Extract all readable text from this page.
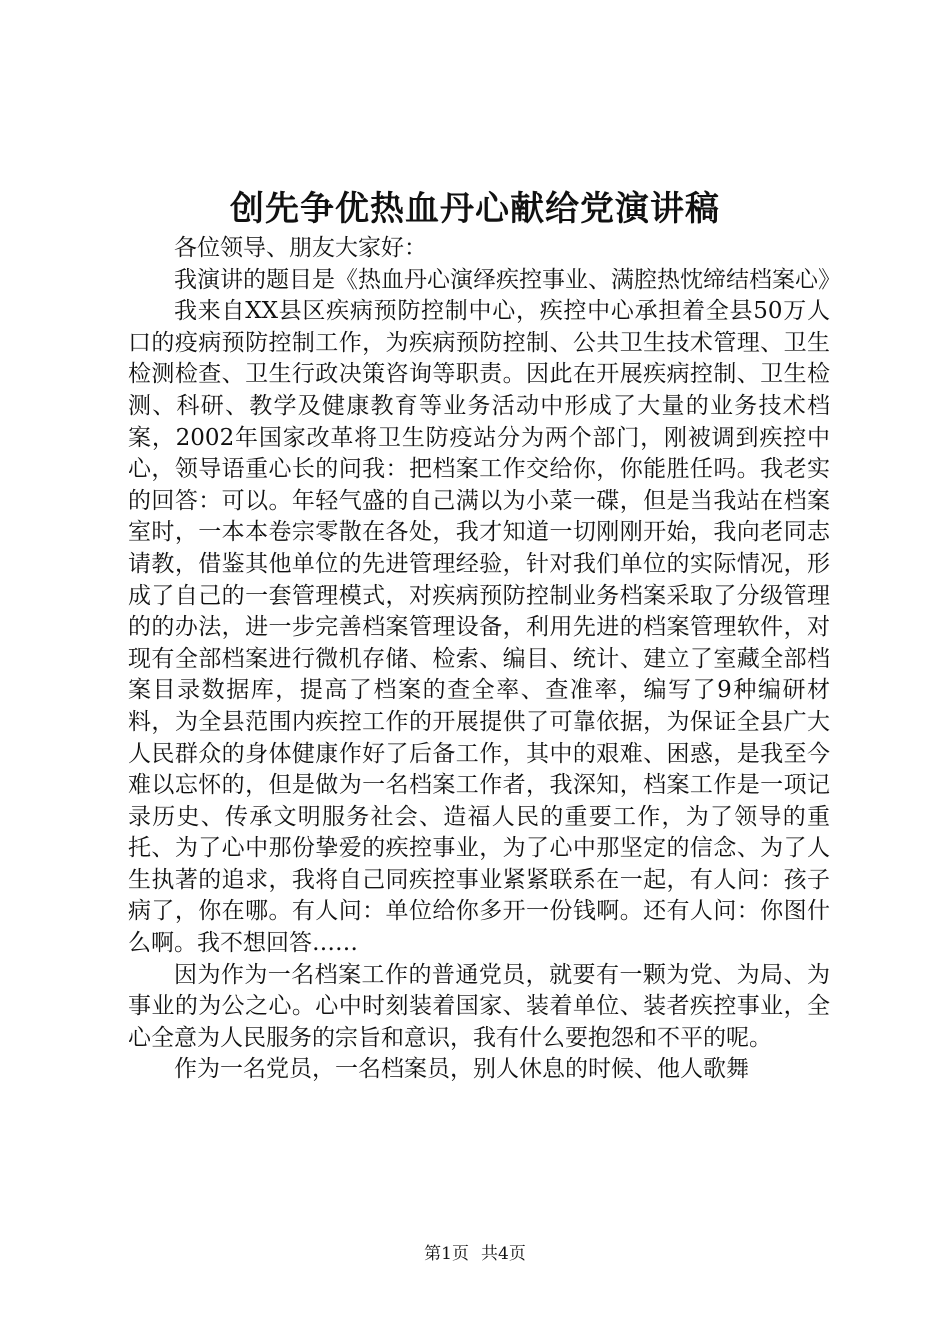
创先争优热血丹心献给党演讲稿

各位领导、朋友大家好：

我演讲的题目是《热血丹心演绎疾控事业、满腔热忱缔结档案心》

我来自XX县区疾病预防控制中心，疾控中心承担着全县50万人口的疫病预防控制工作，为疾病预防控制、公共卫生技术管理、卫生检测检查、卫生行政决策咨询等职责。因此在开展疾病控制、卫生检测、科研、教学及健康教育等业务活动中形成了大量的业务技术档案，2002年国家改革将卫生防疫站分为两个部门，刚被调到疾控中心，领导语重心长的问我：把档案工作交给你，你能胜任吗。我老实的回答：可以。年轻气盛的自己满以为小菜一碟，但是当我站在档案室时，一本本卷宗零散在各处，我才知道一切刚刚开始，我向老同志请教，借鉴其他单位的先进管理经验，针对我们单位的实际情况，形成了自己的一套管理模式，对疾病预防控制业务档案采取了分级管理的的办法，进一步完善档案管理设备，利用先进的档案管理软件，对现有全部档案进行微机存储、检索、编目、统计、建立了室藏全部档案目录数据库，提高了档案的查全率、查准率，编写了9种编研材料，为全县范围内疾控工作的开展提供了可靠依据，为保证全县广大人民群众的身体健康作好了后备工作，其中的艰难、困惑，是我至今难以忘怀的，但是做为一名档案工作者，我深知，档案工作是一项记录历史、传承文明服务社会、造福人民的重要工作，为了领导的重托、为了心中那份挚爱的疾控事业，为了心中那坚定的信念、为了人生执著的追求，我将自己同疾控事业紧紧联系在一起，有人问：孩子病了，你在哪。有人问：单位给你多开一份钱啊。还有人问：你图什么啊。我不想回答……

因为作为一名档案工作的普通党员，就要有一颗为党、为局、为事业的为公之心。心中时刻装着国家、装着单位、装者疾控事业，全心全意为人民服务的宗旨和意识，我有什么要抱怨和不平的呢。

作为一名党员，一名档案员，别人休息的时候、他人歌舞

第1页 共4页
